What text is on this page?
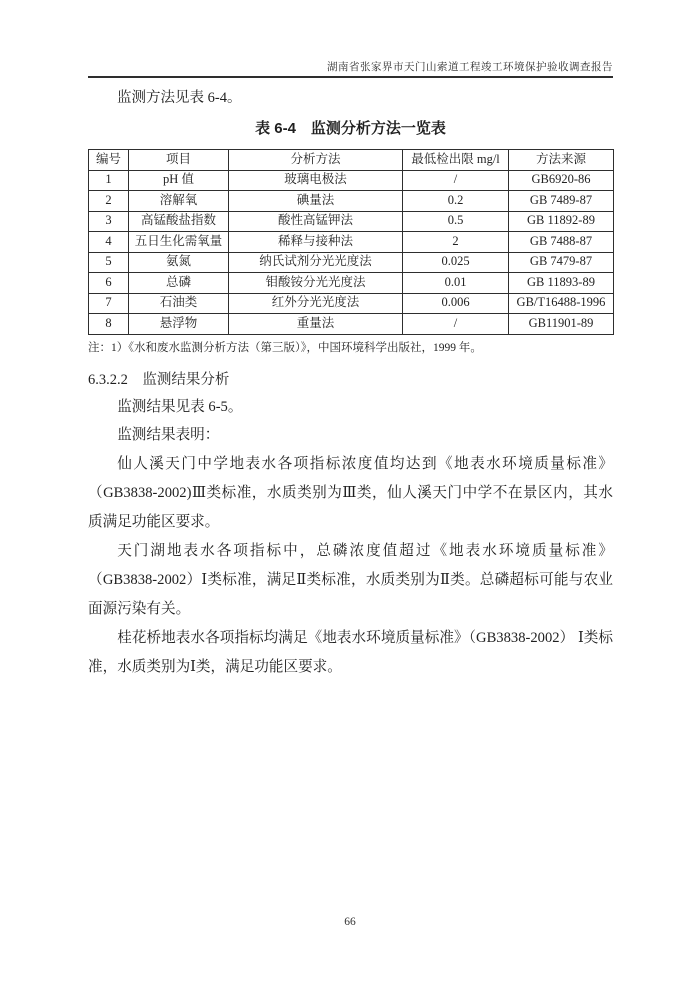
湖南省张家界市天门山索道工程竣工环境保护验收调查报告

监测方法见表 6-4。

表 6-4　监测分析方法一览表
编号	项目	分析方法	最低检出限 mg/l	方法来源
1	pH 值	玻璃电极法	/	GB6920-86
2	溶解氧	碘量法	0.2	GB 7489-87
3	高锰酸盐指数	酸性高锰钾法	0.5	GB 11892-89
4	五日生化需氧量	稀释与接种法	2	GB 7488-87
5	氨氮	纳氏试剂分光光度法	0.025	GB 7479-87
6	总磷	钼酸铵分光光度法	0.01	GB 11893-89
7	石油类	红外分光光度法	0.006	GB/T16488-1996
8	悬浮物	重量法	/	GB11901-89

注：1）《水和废水监测分析方法（第三版）》，中国环境科学出版社，1999 年。

6.3.2.2　监测结果分析

监测结果见表 6-5。

监测结果表明：

仙人溪天门中学地表水各项指标浓度值均达到《地表水环境质量标准》（GB3838-2002)Ⅲ类标准，水质类别为Ⅲ类，仙人溪天门中学不在景区内，其水质满足功能区要求。

天门湖地表水各项指标中，总磷浓度值超过《地表水环境质量标准》（GB3838-2002）Ⅰ类标准，满足Ⅱ类标准，水质类别为Ⅱ类。总磷超标可能与农业面源污染有关。

桂花桥地表水各项指标均满足《地表水环境质量标准》（GB3838-2002） Ⅰ类标准，水质类别为Ⅰ类，满足功能区要求。

66
